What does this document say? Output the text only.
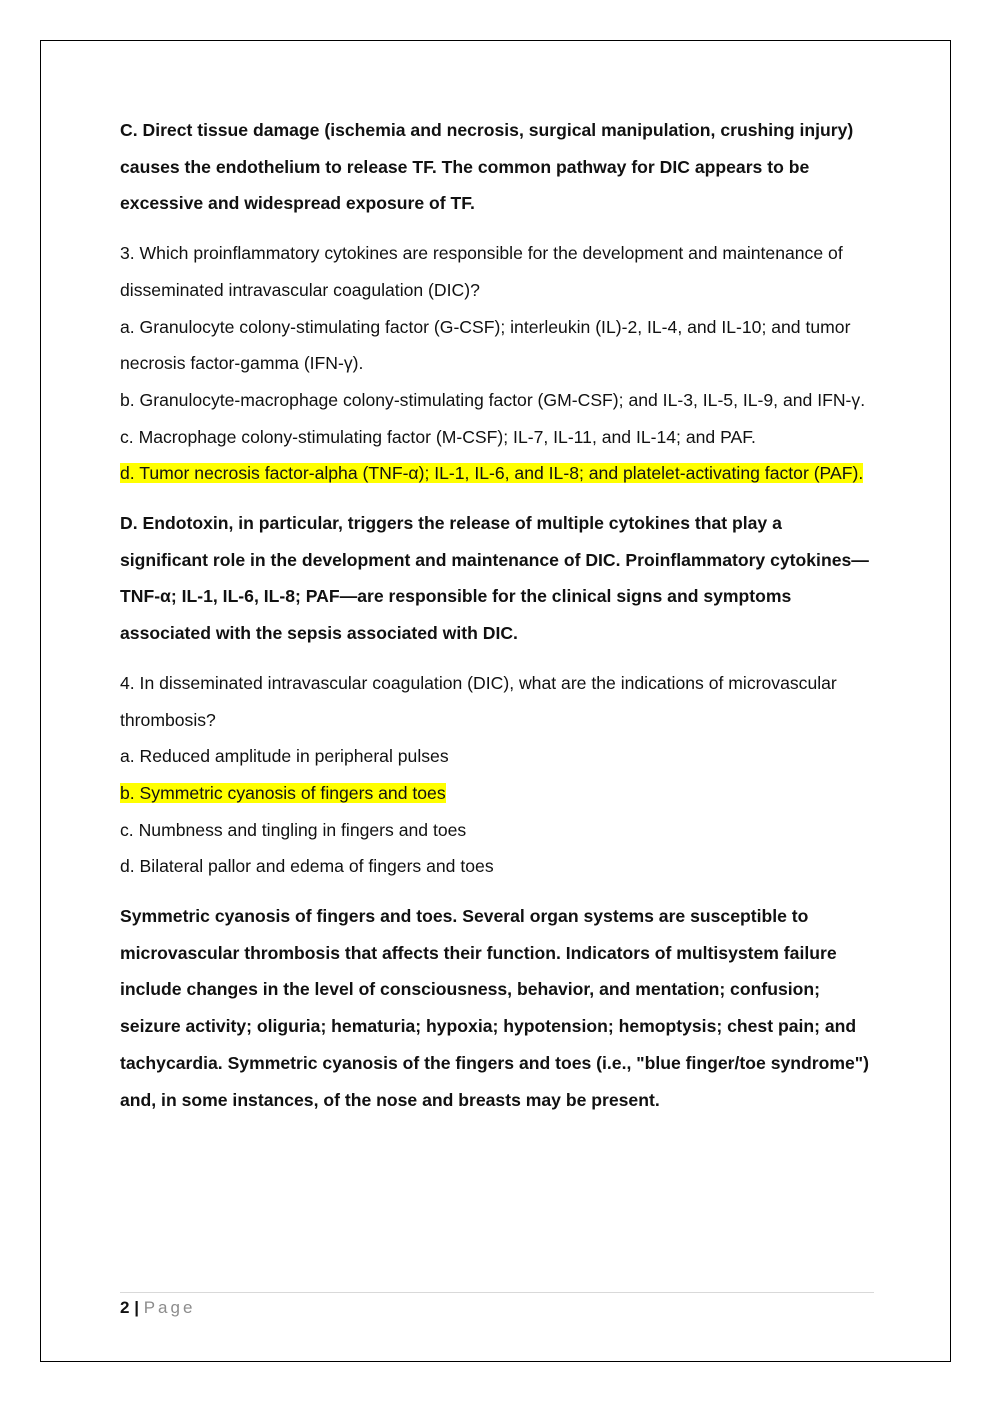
C. Direct tissue damage (ischemia and necrosis, surgical manipulation, crushing injury) causes the endothelium to release TF. The common pathway for DIC appears to be excessive and widespread exposure of TF.

3. Which proinflammatory cytokines are responsible for the development and maintenance of disseminated intravascular coagulation (DIC)?

a. Granulocyte colony-stimulating factor (G-CSF); interleukin (IL)-2, IL-4, and IL-10; and tumor necrosis factor-gamma (IFN-γ).

b. Granulocyte-macrophage colony-stimulating factor (GM-CSF); and IL-3, IL-5, IL-9, and IFN-γ.

c. Macrophage colony-stimulating factor (M-CSF); IL-7, IL-11, and IL-14; and PAF.

d. Tumor necrosis factor-alpha (TNF-α); IL-1, IL-6, and IL-8; and platelet-activating factor (PAF).

D. Endotoxin, in particular, triggers the release of multiple cytokines that play a significant role in the development and maintenance of DIC. Proinflammatory cytokines—TNF-α; IL-1, IL-6, IL-8; PAF—are responsible for the clinical signs and symptoms associated with the sepsis associated with DIC.

4. In disseminated intravascular coagulation (DIC), what are the indications of microvascular thrombosis?

a. Reduced amplitude in peripheral pulses

b. Symmetric cyanosis of fingers and toes

c. Numbness and tingling in fingers and toes

d. Bilateral pallor and edema of fingers and toes

Symmetric cyanosis of fingers and toes. Several organ systems are susceptible to microvascular thrombosis that affects their function. Indicators of multisystem failure include changes in the level of consciousness, behavior, and mentation; confusion; seizure activity; oliguria; hematuria; hypoxia; hypotension; hemoptysis; chest pain; and tachycardia. Symmetric cyanosis of the fingers and toes (i.e., "blue finger/toe syndrome") and, in some instances, of the nose and breasts may be present.

2 | Page
